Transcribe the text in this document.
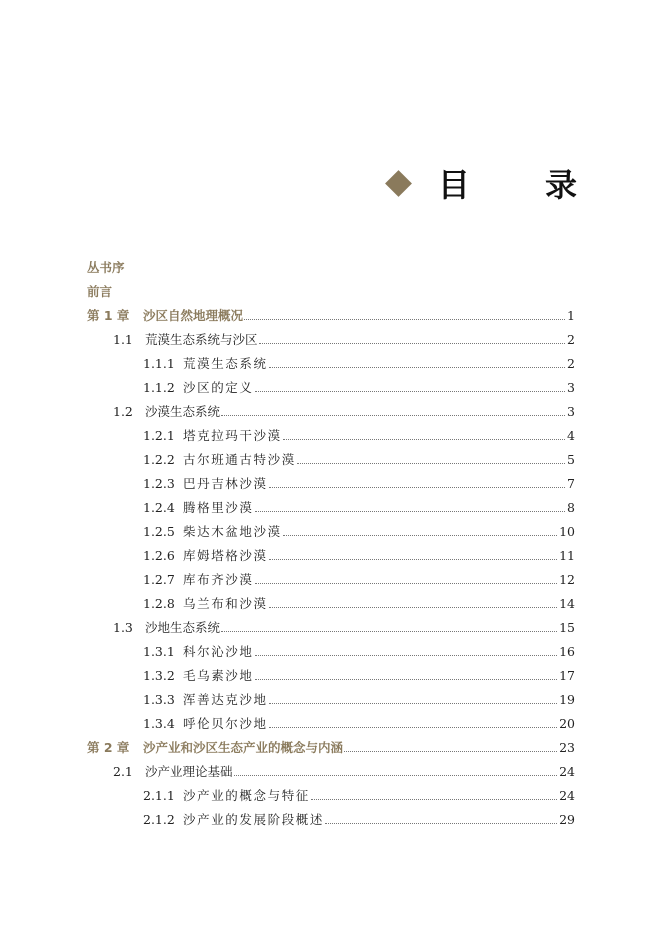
目 录
丛书序
前言
第 1 章	沙区自然地理概况	1
1.1 荒漠生态系统与沙区	2
1.1.1 荒漠生态系统	2
1.1.2 沙区的定义	3
1.2 沙漠生态系统	3
1.2.1 塔克拉玛干沙漠	4
1.2.2 古尔班通古特沙漠	5
1.2.3 巴丹吉林沙漠	7
1.2.4 腾格里沙漠	8
1.2.5 柴达木盆地沙漠	10
1.2.6 库姆塔格沙漠	11
1.2.7 库布齐沙漠	12
1.2.8 乌兰布和沙漠	14
1.3 沙地生态系统	15
1.3.1 科尔沁沙地	16
1.3.2 毛乌素沙地	17
1.3.3 浑善达克沙地	19
1.3.4 呼伦贝尔沙地	20
第 2 章	沙产业和沙区生态产业的概念与内涵	23
2.1 沙产业理论基础	24
2.1.1 沙产业的概念与特征	24
2.1.2 沙产业的发展阶段概述	29
